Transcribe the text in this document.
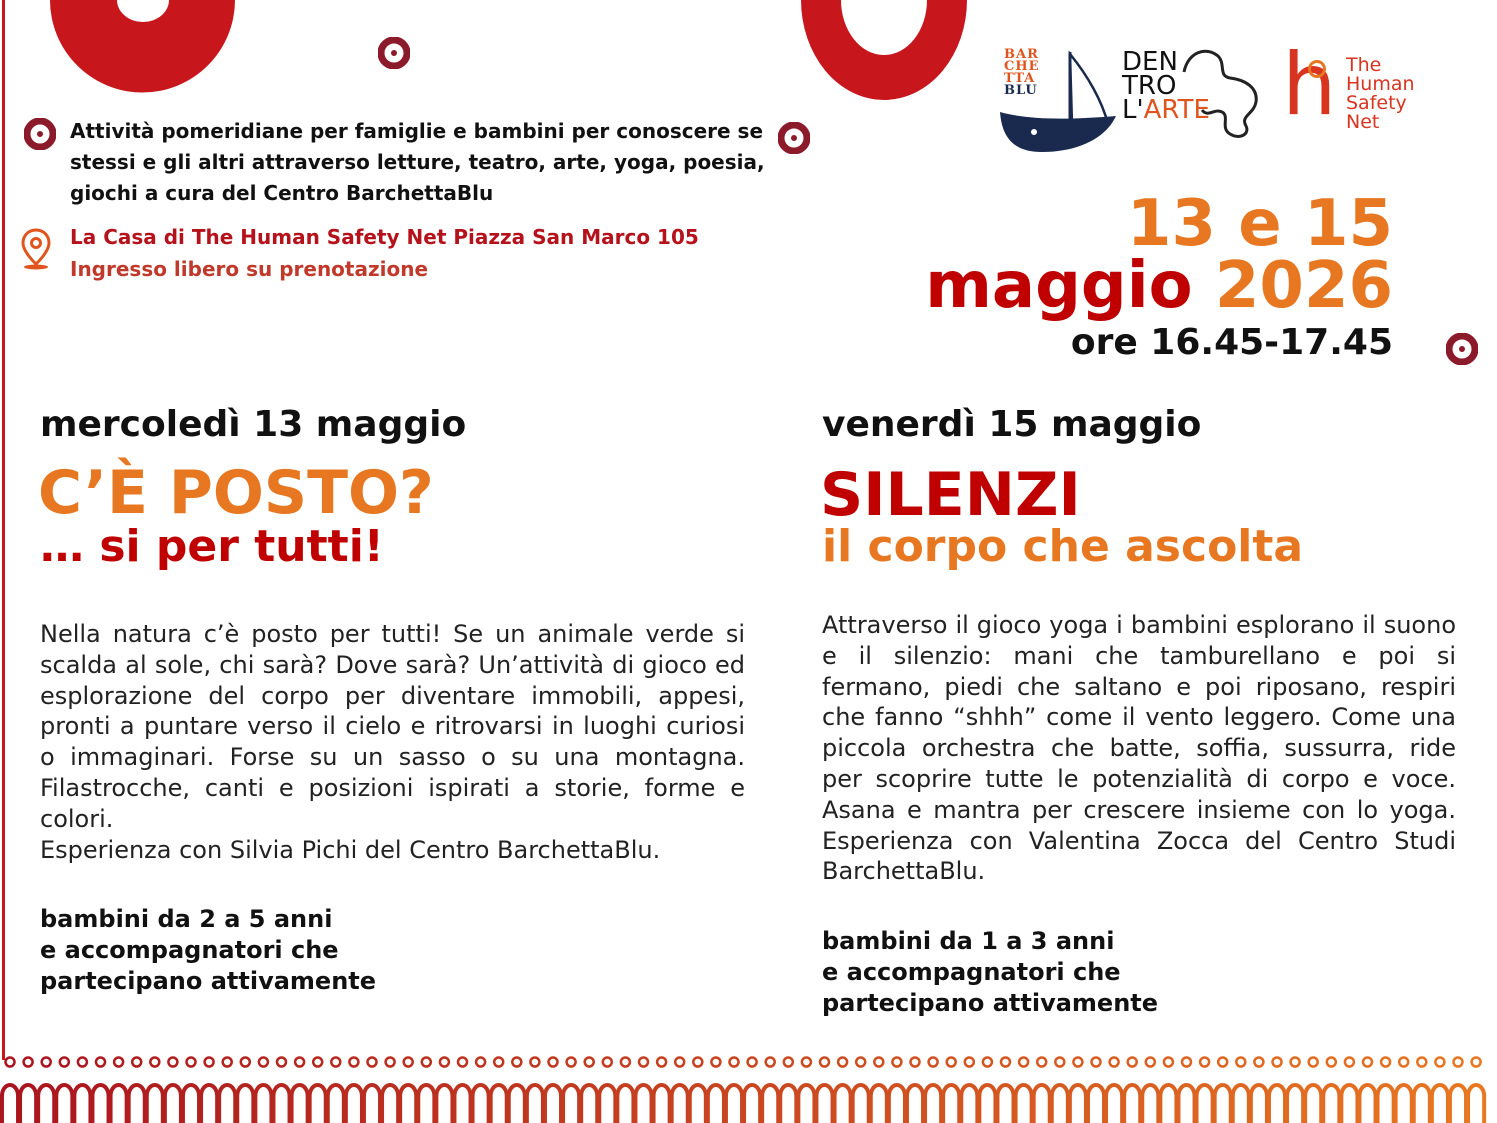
Attività pomeridiane per famiglie e bambini per conoscere se
stessi e gli altri attraverso letture, teatro, arte, yoga, poesia,
giochi a cura del Centro BarchettaBlu
La Casa di The Human Safety Net Piazza San Marco 105
Ingresso libero su prenotazione
BAR
CHE
TTA
BLU
DEN
TRO
L'ARTE h The
Human
Safety
Net
13 e 15
maggio 2026
ore 16.45-17.45
mercoledì 13 maggio
C’È POSTO?
… si per tutti!

Nella natura c’è posto per tutti! Se un animale verde si scalda al sole, chi sarà? Dove sarà? Un’attività di gioco ed esplorazione del corpo per diventare immobili, appesi, pronti a puntare verso il cielo e ritrovarsi in luoghi curiosi o immaginari. Forse su un sasso o su una montagna. Filastrocche, canti e posizioni ispirati a storie, forme e colori.

Esperienza con Silvia Pichi del Centro BarchettaBlu.

bambini da 2 a 5 anni
e accompagnatori che
partecipano attivamente
venerdì 15 maggio
SILENZI
il corpo che ascolta

Attraverso il gioco yoga i bambini esplorano il suono e il silenzio: mani che tamburellano e poi si fermano, piedi che saltano e poi riposano, respiri che fanno “shhh” come il vento leggero. Come una piccola orchestra che batte, soffia, sussurra, ride per scoprire tutte le potenzialità di corpo e voce. Asana e mantra per crescere insieme con lo yoga. Esperienza con Valentina Zocca del Centro Studi BarchettaBlu.

bambini da 1 a 3 anni
e accompagnatori che
partecipano attivamente
